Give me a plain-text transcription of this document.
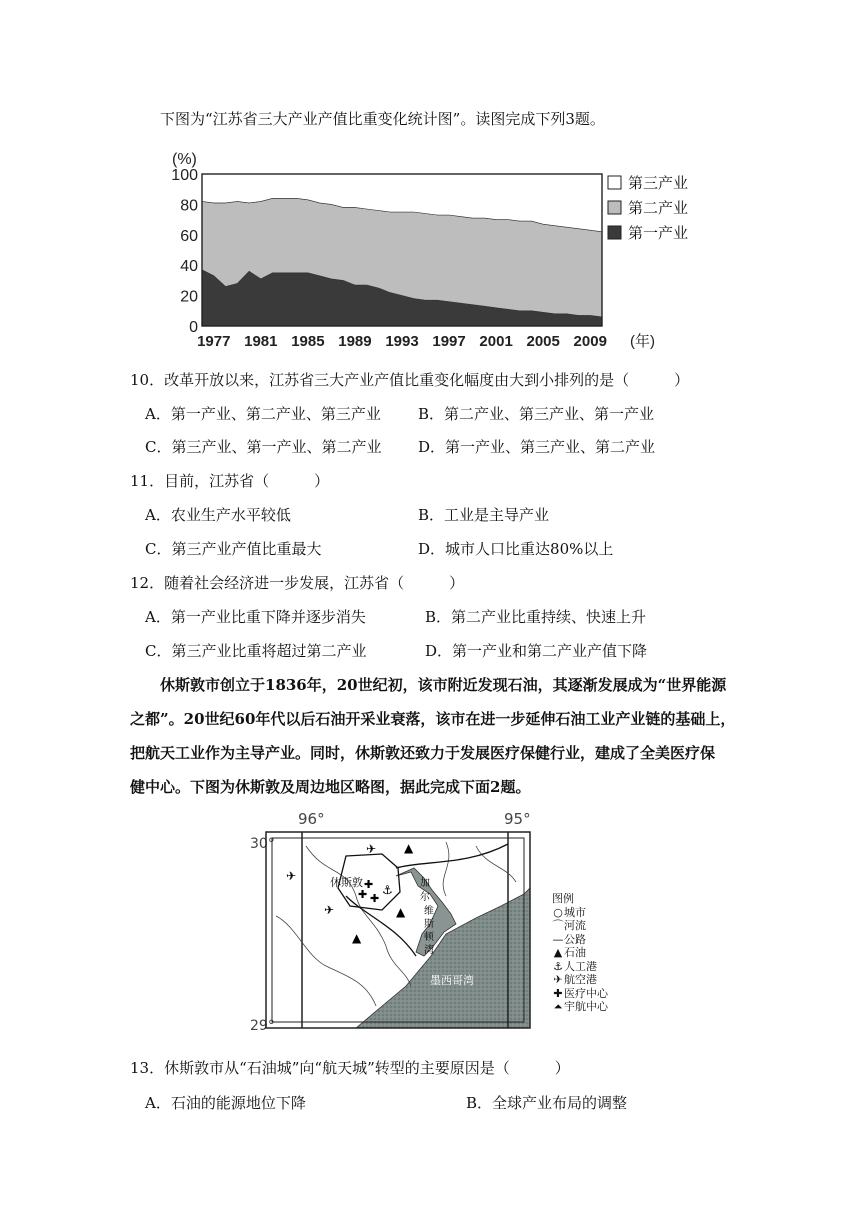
下图为“江苏省三大产业产值比重变化统计图”。读图完成下列3题。
0
20
40
60
80
100
(%)
1977 1981 1985 1989 1993 1997 2001 2005 2009 (年)
第三产业
第二产业
第一产业
10．改革开放以来，江苏省三大产业产值比重变化幅度由大到小排列的是（　　　）
A．第一产业、第二产业、第三产业 B．第二产业、第三产业、第一产业
C．第三产业、第一产业、第二产业 D．第一产业、第三产业、第二产业
11．目前，江苏省（　　　）
A．农业生产水平较低	B．工业是主导产业
C．第三产业产值比重最大	D．城市人口比重达80%以上
12．随着社会经济进一步发展，江苏省（　　　）
A．第一产业比重下降并逐步消失	B．第二产业比重持续、快速上升
C．第三产业比重将超过第二产业	D．第一产业和第二产业产值下降
休斯敦市创立于1836年，20世纪初，该市附近发现石油，其逐渐发展成为“世界能源
之都”。20世纪60年代以后石油开采业衰落，该市在进一步延伸石油工业产业链的基础上，
把航天工业作为主导产业。同时，休斯敦还致力于发展医疗保健行业，建成了全美医疗保
健中心。下图为休斯敦及周边地区略图，据此完成下面2题。
96°	95°
30°
29°
休斯敦
✈ ▲
✈
✈
✚ ✚
✚ ⚓
▲
▲
加
尔
维
斯
顿
湾
墨西哥湾
图例
○城市
⌒河流
—公路
▲ 石油
⚓人工港
✈航空港
✚医疗中心
⏶ 宇航中心
13．休斯敦市从“石油城”向“航天城”转型的主要原因是（　　　）
A．石油的能源地位下降	B．全球产业布局的调整
